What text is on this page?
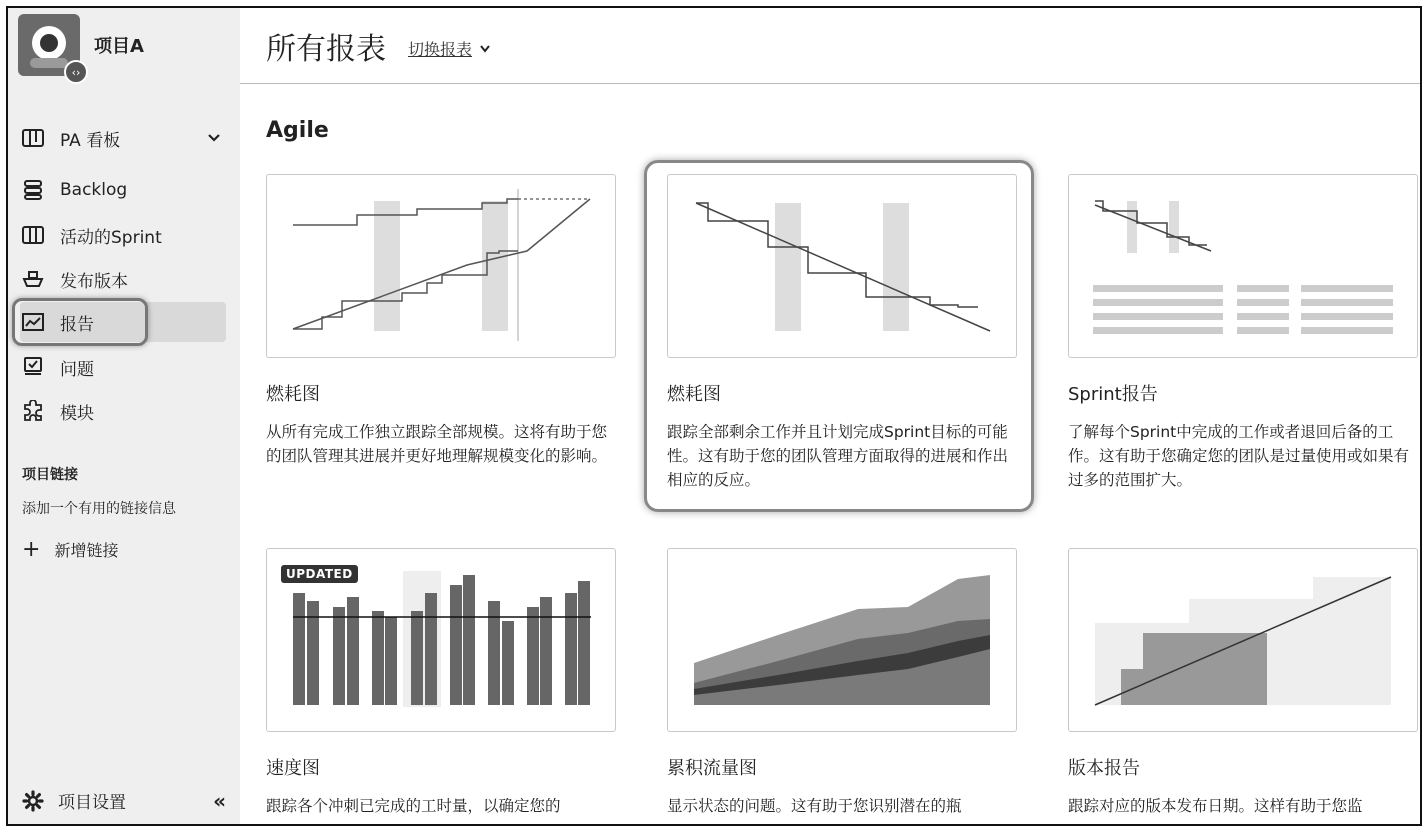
‹›
项目A
PA 看板
Backlog
活动的Sprint
发布版本
报告
问题
模块
项目链接
添加一个有用的链接信息
+ 新增链接
项目设置	«
所有报表 切换报表
Agile
燃耗图
从所有完成工作独立跟踪全部规模。这将有助于您的团队管理其进展并更好地理解规模变化的影响。
燃耗图
跟踪全部剩余工作并且计划完成Sprint目标的可能性。这有助于您的团队管理方面取得的进展和作出相应的反应。
Sprint报告
了解每个Sprint中完成的工作或者退回后备的工作。这有助于您确定您的团队是过量使用或如果有过多的范围扩大。
UPDATED
速度图
跟踪各个冲刺已完成的工时量，以确定您的
累积流量图
显示状态的问题。这有助于您识别潜在的瓶
版本报告
跟踪对应的版本发布日期。这样有助于您监
